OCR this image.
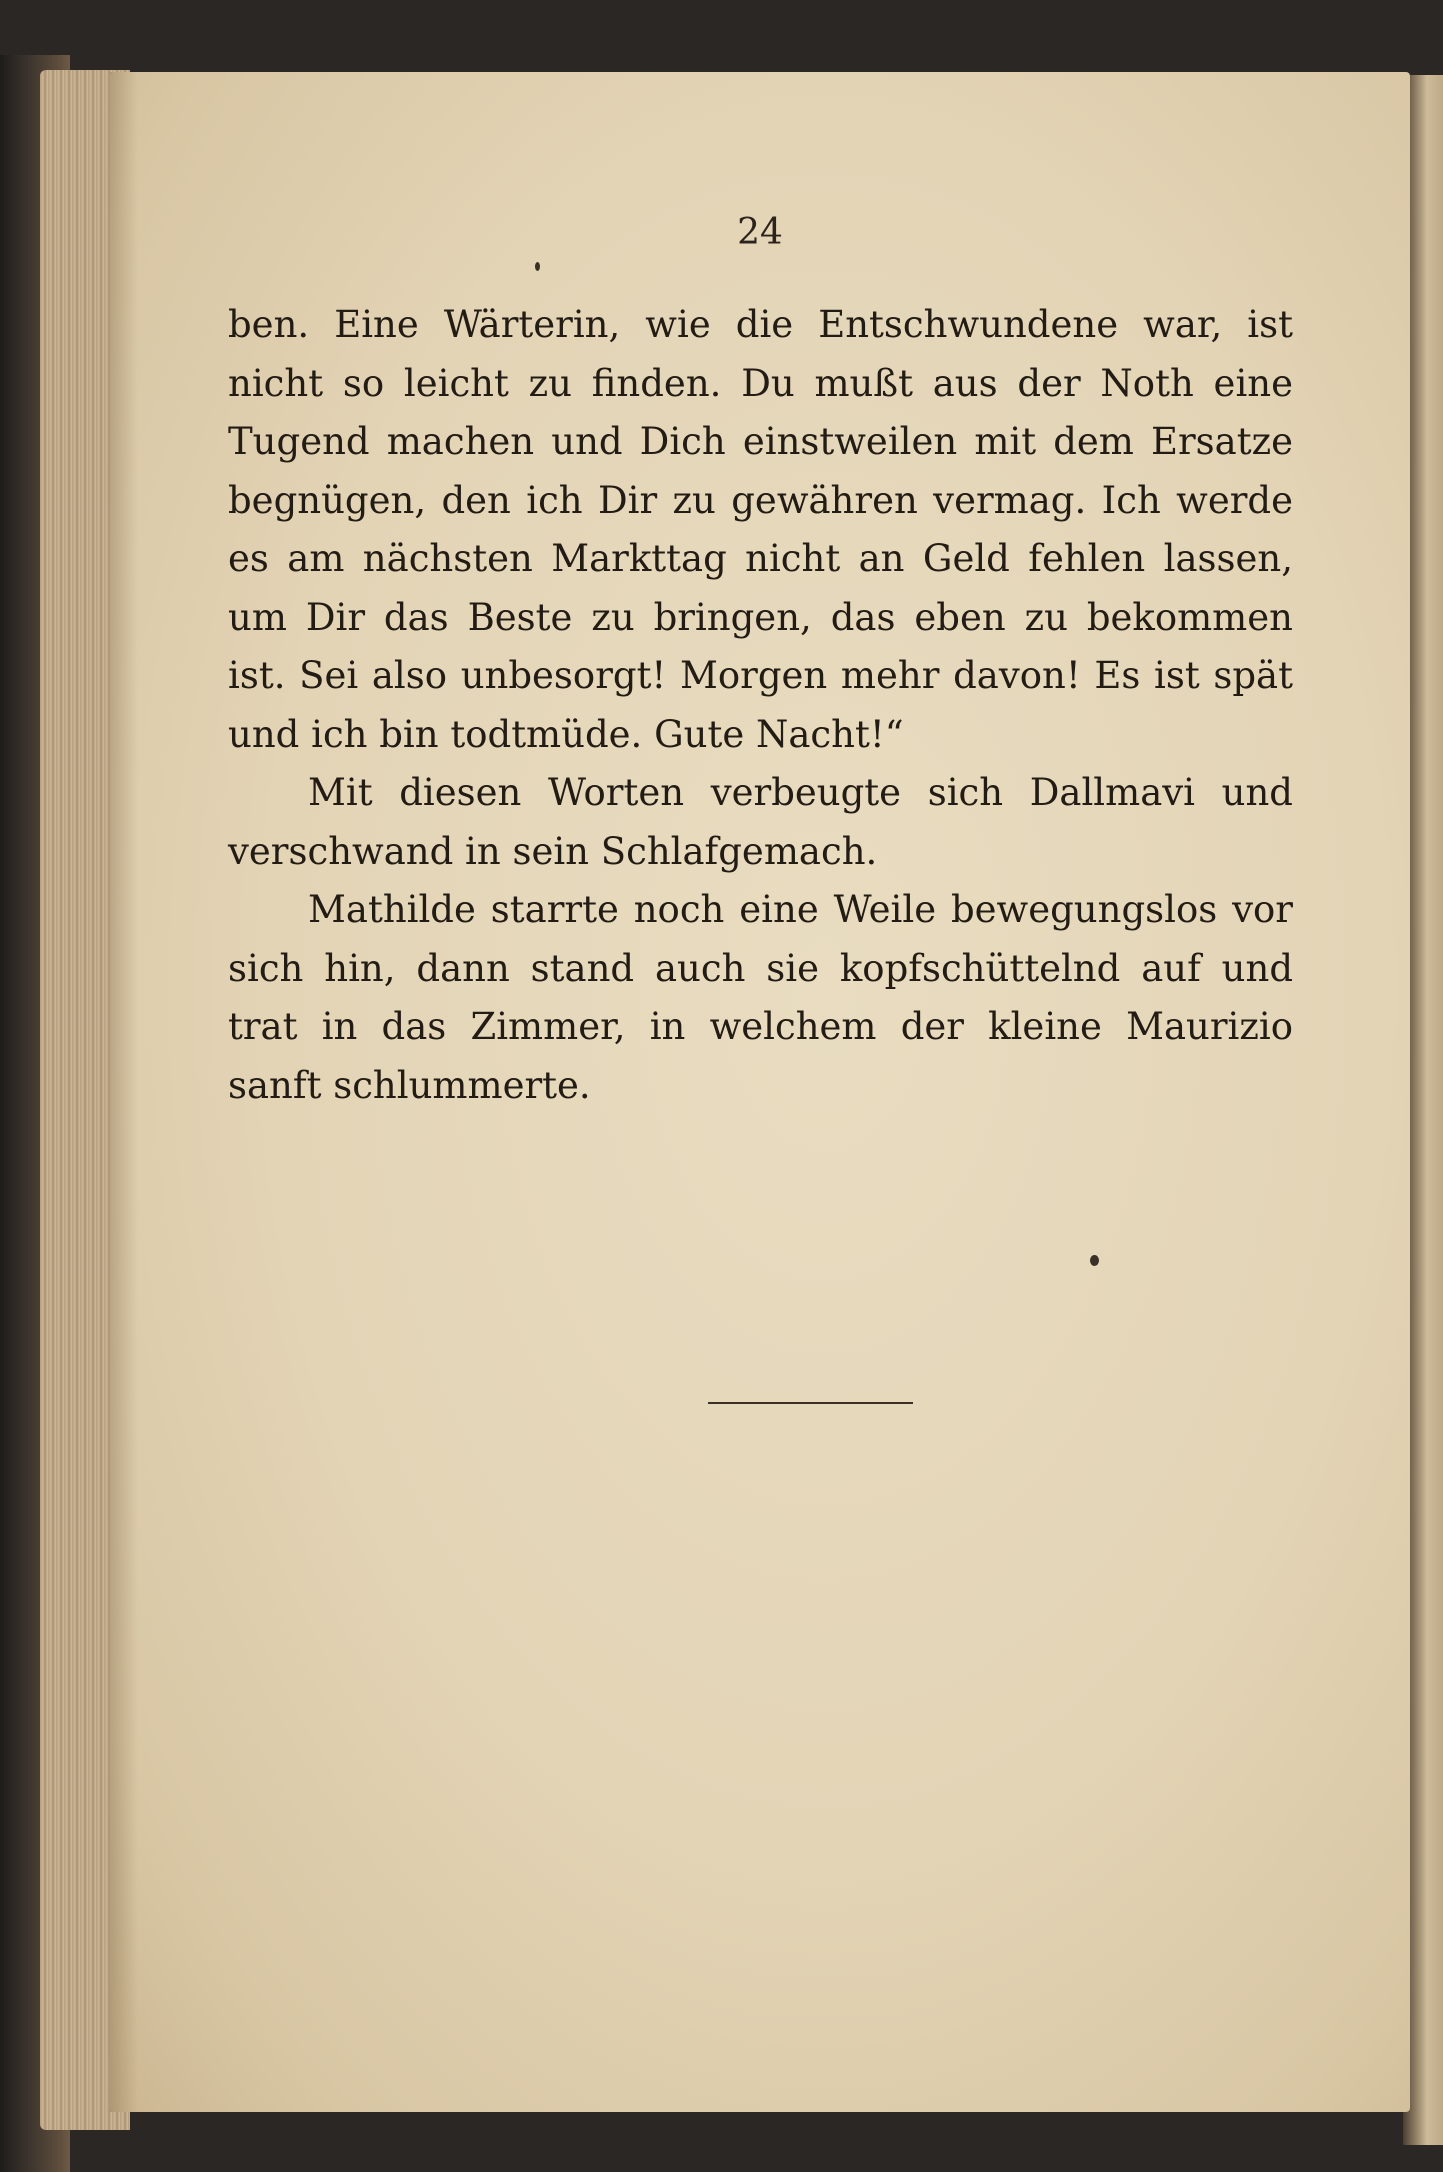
24

ben. Eine Wärterin, wie die Entschwundene war, ist nicht so leicht zu finden. Du mußt aus der Noth eine Tugend machen und Dich einstweilen mit dem Ersatze begnügen, den ich Dir zu gewähren vermag. Ich werde es am nächsten Markttag nicht an Geld fehlen lassen, um Dir das Beste zu bringen, das eben zu bekommen ist. Sei also unbesorgt! Morgen mehr davon! Es ist spät und ich bin todtmüde. Gute Nacht!“

Mit diesen Worten verbeugte sich Dallmavi und verschwand in sein Schlafgemach.

Mathilde starrte noch eine Weile bewegungslos vor sich hin, dann stand auch sie kopfschüttelnd auf und trat in das Zimmer, in welchem der kleine Maurizio sanft schlummerte.
